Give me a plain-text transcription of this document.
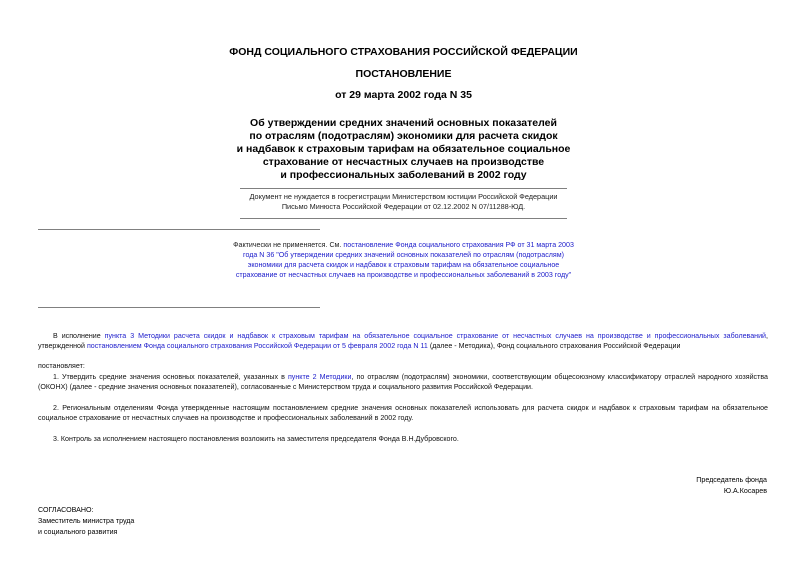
ФОНД СОЦИАЛЬНОГО СТРАХОВАНИЯ РОССИЙСКОЙ ФЕДЕРАЦИИ
ПОСТАНОВЛЕНИЕ
от 29 марта 2002 года N 35
Об утверждении средних значений основных показателей
по отраслям (подотраслям) экономики для расчета скидок
и надбавок к страховым тарифам на обязательное социальное
страхование от несчастных случаев на производстве
и профессиональных заболеваний в 2002 году
Документ не нуждается в госрегистрации Министерством юстиции Российской Федерации
Письмо Минюста Российской Федерации от 02.12.2002 N 07/11288-ЮД.
Фактически не применяется. См. постановление Фонда социального страхования РФ от 31 марта 2003 года N 36 "Об утверждении средних значений основных показателей по отраслям (подотраслям) экономики для расчета скидок и надбавок к страховым тарифам на обязательное социальное страхование от несчастных случаев на производстве и профессиональных заболеваний в 2003 году"
В исполнение пункта 3 Методики расчета скидок и надбавок к страховым тарифам на обязательное социальное страхование от несчастных случаев на производстве и профессиональных заболеваний, утвержденной постановлением Фонда социального страхования Российской Федерации от 5 февраля 2002 года N 11 (далее - Методика), Фонд социального страхования Российской Федерации
постановляет:
1. Утвердить средние значения основных показателей, указанных в пункте 2 Методики, по отраслям (подотраслям) экономики, соответствующим общесоюзному классификатору отраслей народного хозяйства (ОКОНХ) (далее - средние значения основных показателей), согласованные с Министерством труда и социального развития Российской Федерации.
2. Региональным отделениям Фонда утвержденные настоящим постановлением средние значения основных показателей использовать для расчета скидок и надбавок к страховым тарифам на обязательное социальное страхование от несчастных случаев на производстве и профессиональных заболеваний в 2002 году.
3. Контроль за исполнением настоящего постановления возложить на заместителя председателя Фонда В.Н.Дубровского.
Председатель фонда
Ю.А.Косарев
СОГЛАСОВАНО:
Заместитель министра труда
и социального развития
